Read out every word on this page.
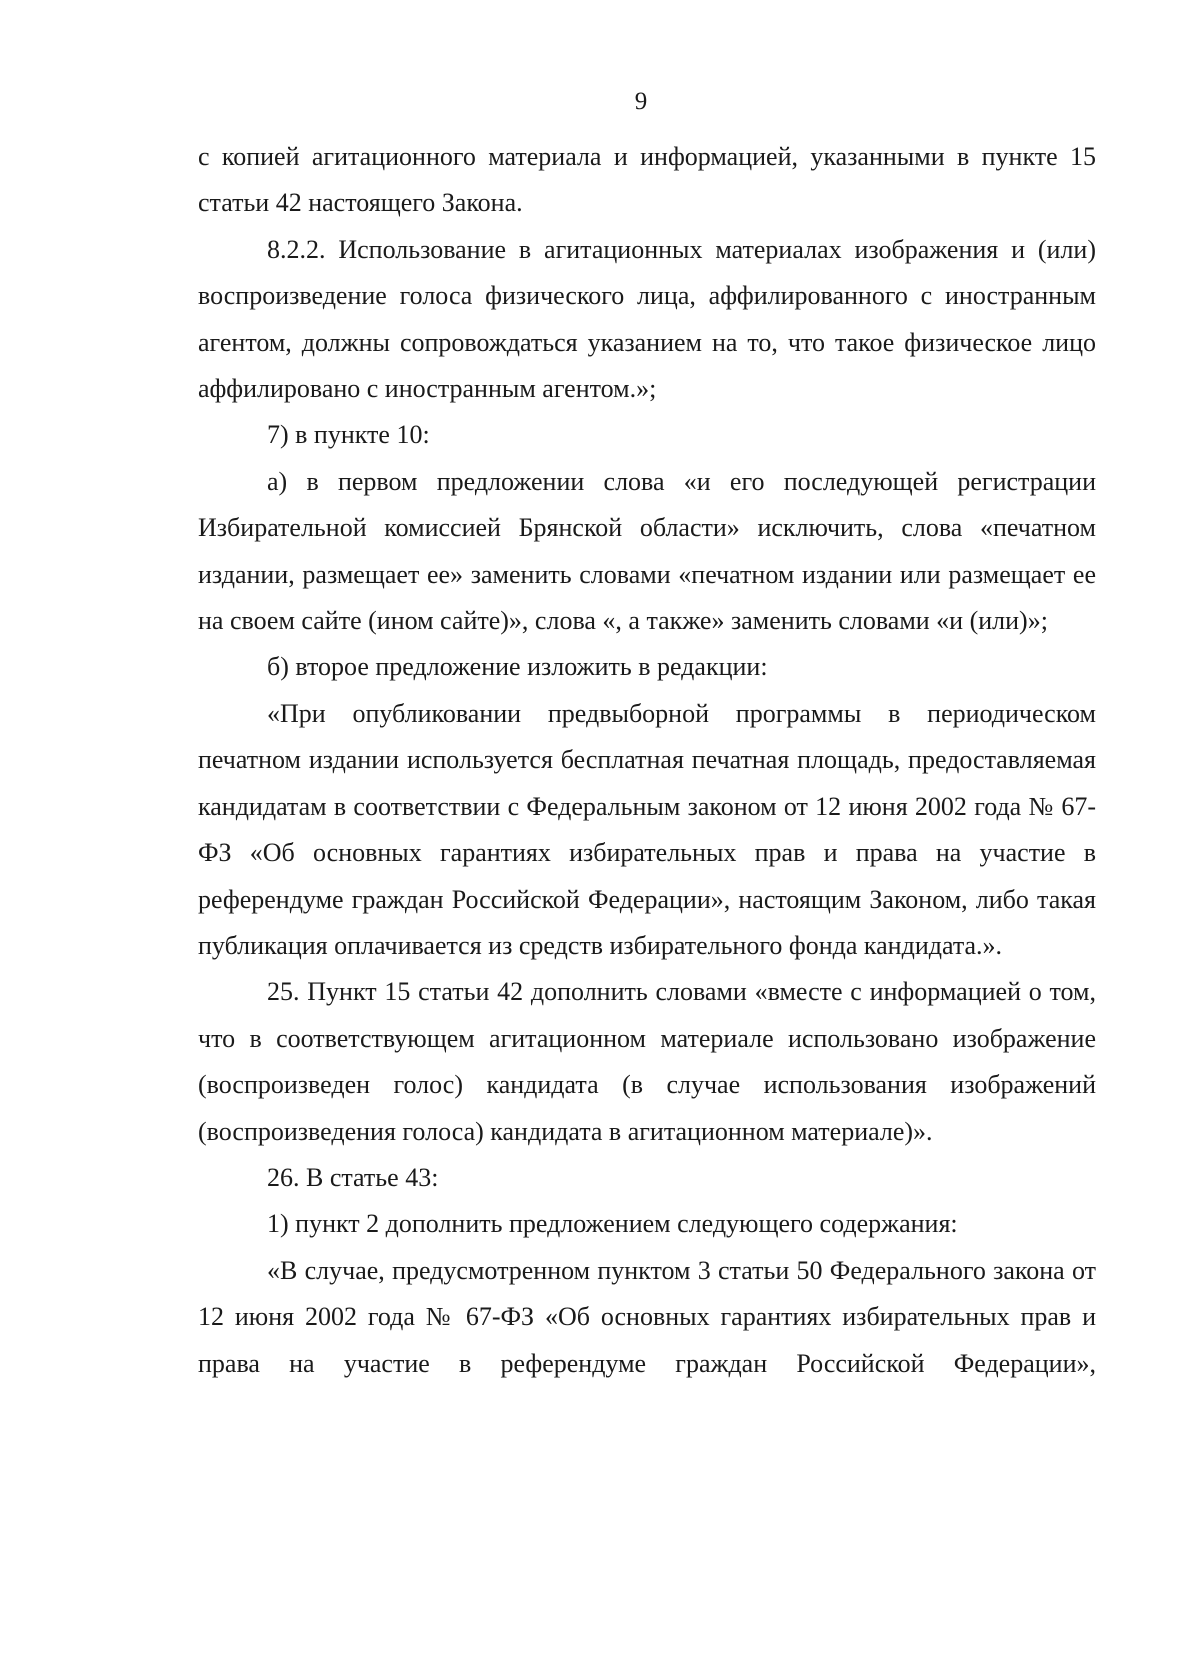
9

с копией агитационного материала и информацией, указанными в пункте 15 статьи 42 настоящего Закона.

8.2.2. Использование в агитационных материалах изображения и (или) воспроизведение голоса физического лица, аффилированного с иностранным агентом, должны сопровождаться указанием на то, что такое физическое лицо аффилировано с иностранным агентом.»;

7) в пункте 10:

а) в первом предложении слова «и его последующей регистрации Избирательной комиссией Брянской области» исключить, слова «печатном издании, размещает ее» заменить словами «печатном издании или размещает ее на своем сайте (ином сайте)», слова «, а также» заменить словами «и (или)»;

б) второе предложение изложить в редакции:

«При опубликовании предвыборной программы в периодическом печатном издании используется бесплатная печатная площадь, предоставляемая кандидатам в соответствии с Федеральным законом от 12 июня 2002 года № 67-ФЗ «Об основных гарантиях избирательных прав и права на участие в референдуме граждан Российской Федерации», настоящим Законом, либо такая публикация оплачивается из средств избирательного фонда кандидата.».

25. Пункт 15 статьи 42 дополнить словами «вместе с информацией о том, что в соответствующем агитационном материале использовано изображение (воспроизведен голос) кандидата (в случае использования изображений (воспроизведения голоса) кандидата в агитационном материале)».

26. В статье 43:

1) пункт 2 дополнить предложением следующего содержания:

«В случае, предусмотренном пунктом 3 статьи 50 Федерального закона от 12 июня 2002 года № 67-ФЗ «Об основных гарантиях избирательных прав и права на участие в референдуме граждан Российской Федерации»,
